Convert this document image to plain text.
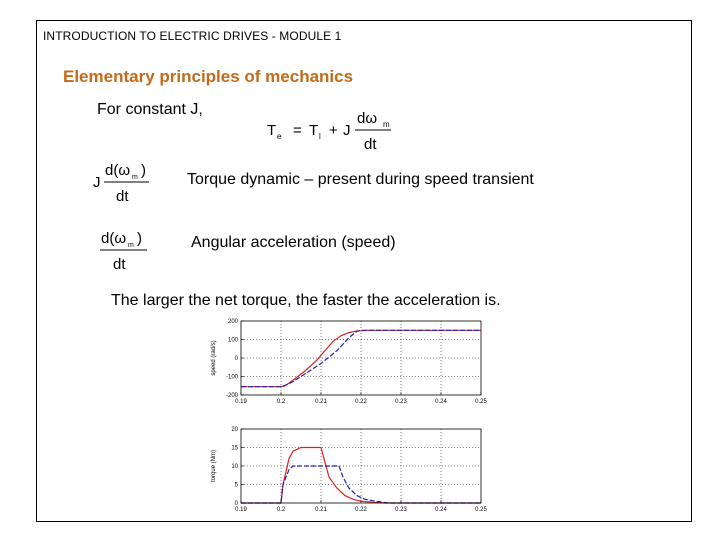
INTRODUCTION TO ELECTRIC DRIVES - MODULE 1
Elementary principles of mechanics
For constant J,
T e = T l + J
dω m
dt
J
d(ω m )
dt
Torque dynamic – present during speed transient
d(ω m )
dt
Angular acceleration (speed)
The larger the net torque, the faster the acceleration is.
0.19	0.2	0.21	0.22	0.23	0.24	0.25
200
100
0
-100
-200
speed (rad/s)
0.19	0.2	0.21	0.22	0.23	0.24	0.25
20
15
10
5
0
torque (Nm)
